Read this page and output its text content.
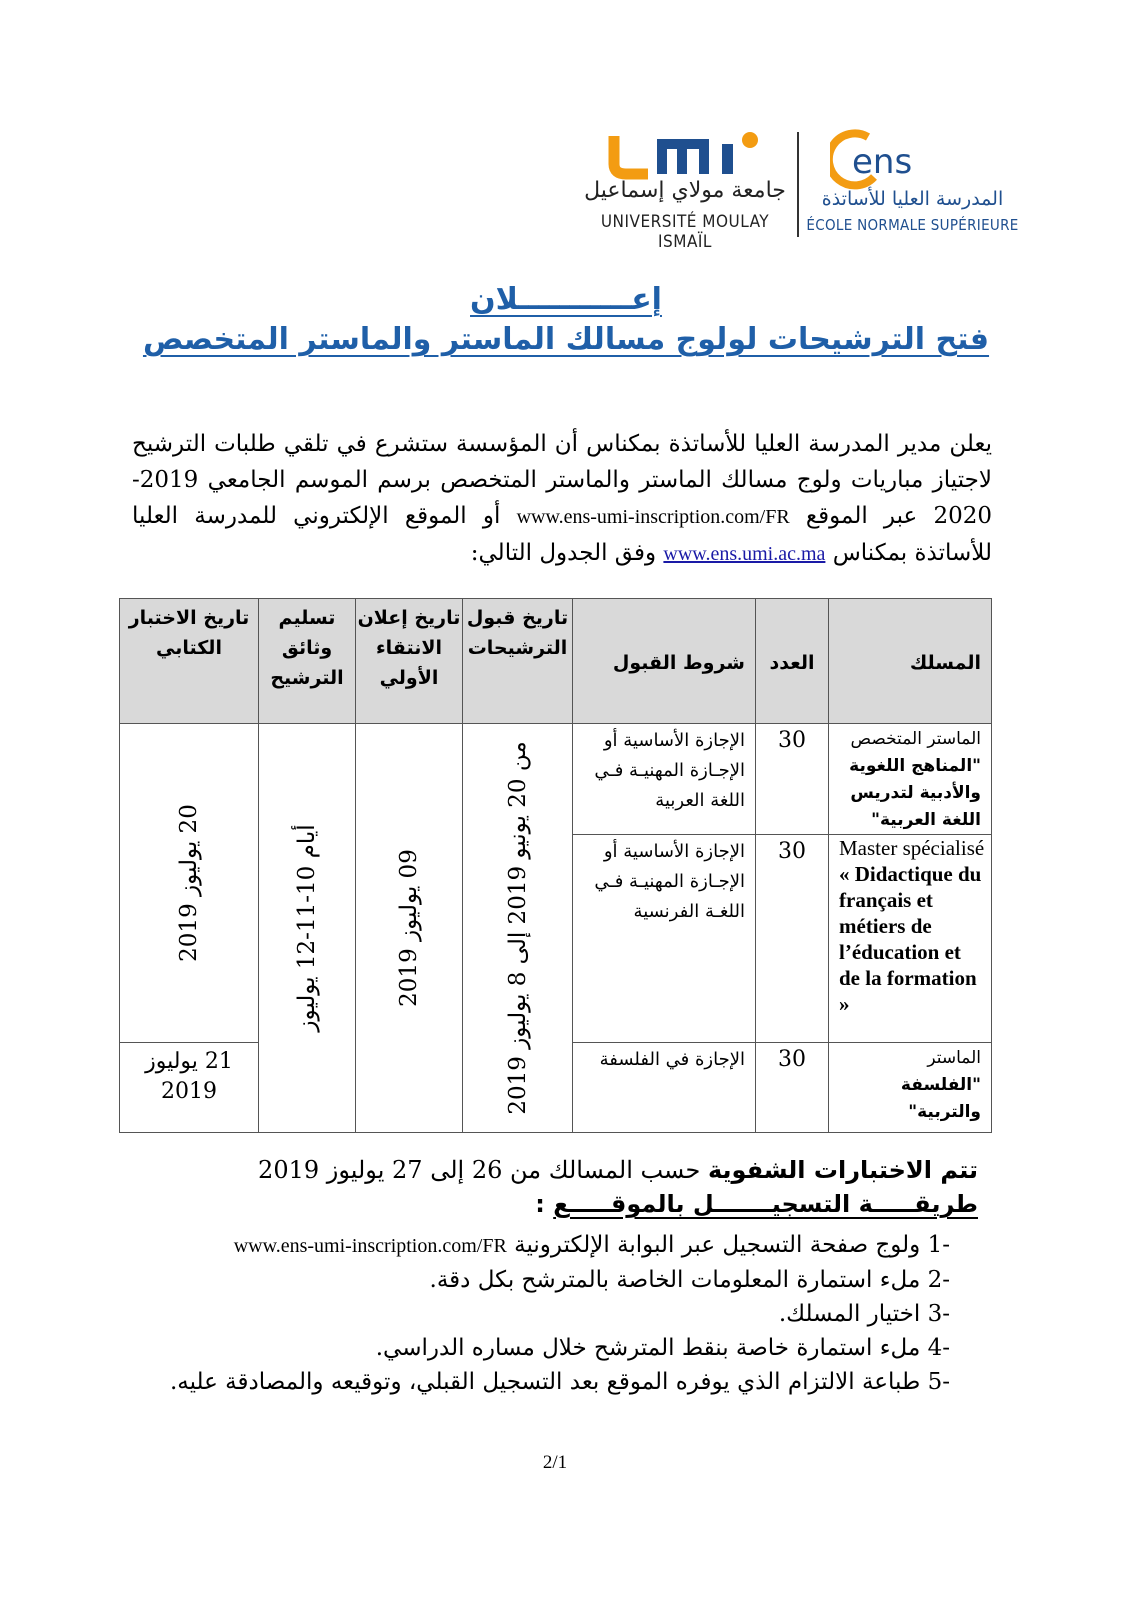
جامعة مولاي إسماعيل
UNIVERSITÉ MOULAY ISMAÏL
ens
المدرسة العليا للأساتذة
ÉCOLE NORMALE SUPÉRIEURE
إعـــــــــــلان
فتح الترشيحات لولوج مسالك الماستر والماستر المتخصص
يعلن مدير المدرسة العليا للأساتذة بمكناس أن المؤسسة ستشرع في تلقي طلبات الترشيح لاجتياز مباريات ولوج مسالك الماستر والماستر المتخصص برسم الموسم الجامعي 2019-2020 عبر الموقع www.ens-umi-inscription.com/FR أو الموقع الإلكتروني للمدرسة العليا للأساتذة بمكناس www.ens.umi.ac.ma وفق الجدول التالي:
المسلك	العدد	شروط القبول	تاريخ قبول الترشيحات	تاريخ إعلان الانتقاء الأولي	تسليم وثائق الترشيح	تاريخ الاختبار الكتابي

الماستر المتخصص
"المناهج اللغوية والأدبية لتدريس اللغة العربية"	30	الإجازة الأساسية أو الإجـازة المهنيـة فـي اللغة العربية	من 20 يونيو 2019 إلى 8 يوليوز 2019	09 يوليوز 2019	أيام 10-11-12 يوليوز	20 يوليوز 2019

Master spécialisé
« Didactique du français et métiers de l’éducation et de la formation »	30	الإجازة الأساسية أو الإجـازة المهنيـة فـي اللغـة الفرنسية				

الماستر
"الفلسفة والتربية"	30	الإجازة في الفلسفة				21 يوليوز 2019
تتم الاختبارات الشفوية حسب المسالك من 26 إلى 27 يوليوز 2019
طريقـــــة التسجيـــــــل بالموقـــــع :
-1 ولوج صفحة التسجيل عبر البوابة الإلكترونية www.ens-umi-inscription.com/FR
-2 ملء استمارة المعلومات الخاصة بالمترشح بكل دقة.
-3 اختيار المسلك.
-4 ملء استمارة خاصة بنقط المترشح خلال مساره الدراسي.
-5 طباعة الالتزام الذي يوفره الموقع بعد التسجيل القبلي، وتوقيعه والمصادقة عليه.
2/1
